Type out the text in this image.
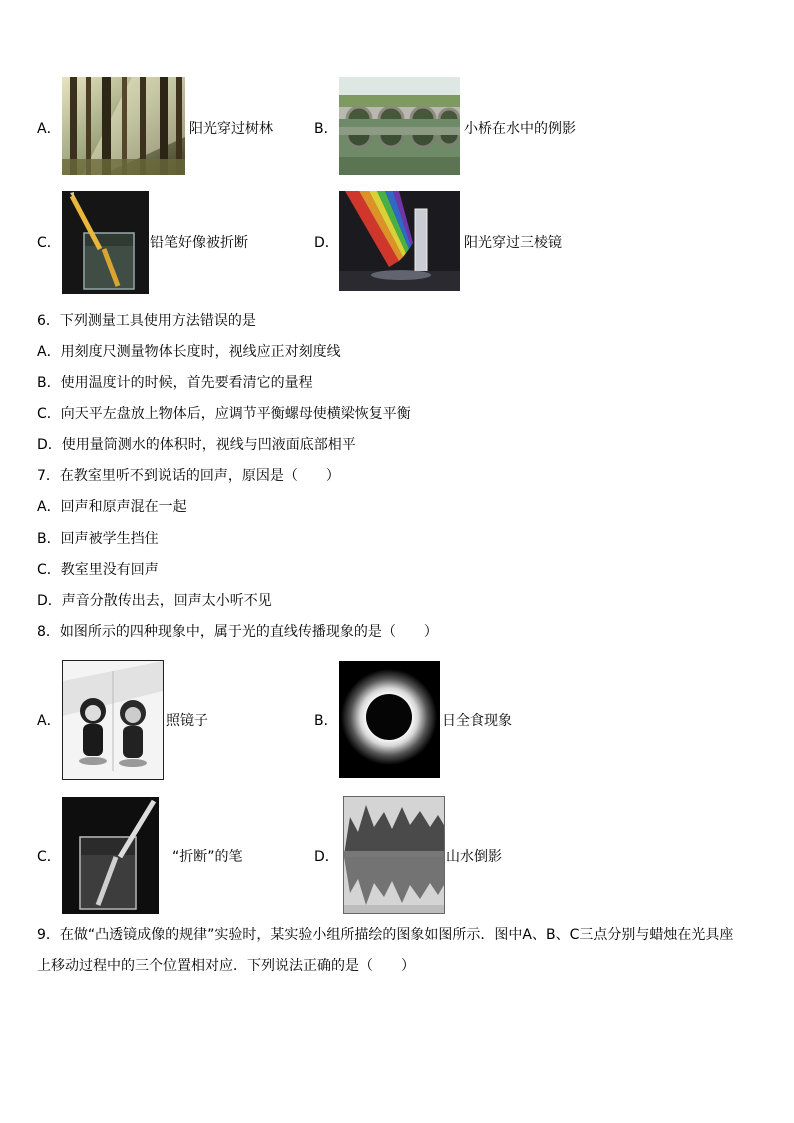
A．	阳光穿过树林	B．	小桥在水中的例影
C．	铅笔好像被折断	D．	阳光穿过三棱镜
6．下列测量工具使用方法错误的是
A．用刻度尺测量物体长度时，视线应正对刻度线
B．使用温度计的时候，首先要看清它的量程
C．向天平左盘放上物体后，应调节平衡螺母使横梁恢复平衡
D．使用量筒测水的体积时，视线与凹液面底部相平
7．在教室里听不到说话的回声，原因是（　　）
A．回声和原声混在一起
B．回声被学生挡住
C．教室里没有回声
D．声音分散传出去，回声太小听不见
8．如图所示的四种现象中，属于光的直线传播现象的是（　　）
A．	照镜子	B．	日全食现象
C．	“折断”的笔	D．	山水倒影
9．在做“凸透镜成像的规律”实验时，某实验小组所描绘的图象如图所示．图中A、B、C三点分别与蜡烛在光具座
上移动过程中的三个位置相对应．下列说法正确的是（　　）
